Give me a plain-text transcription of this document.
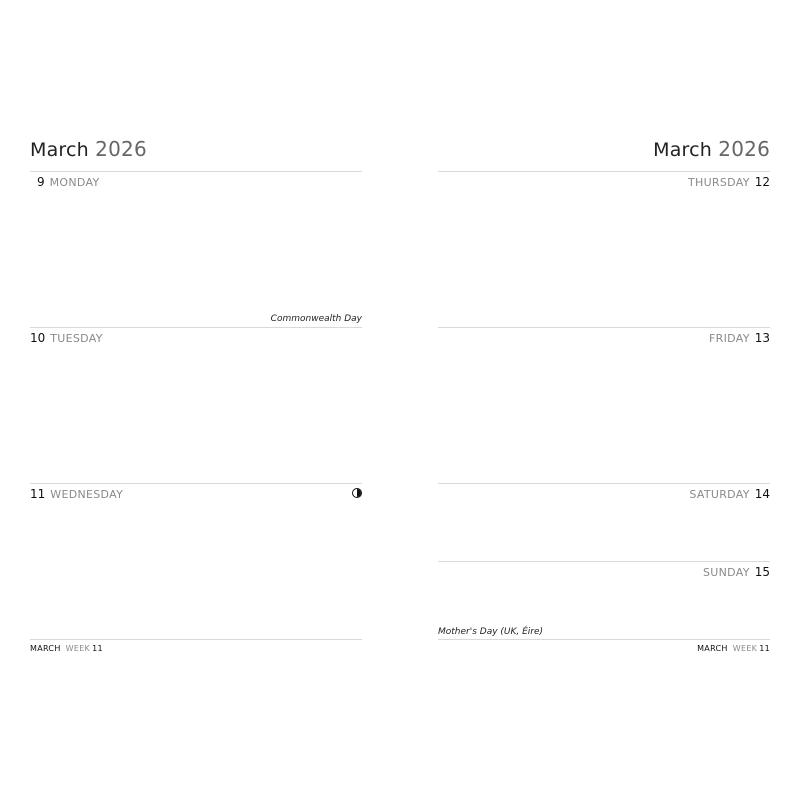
March 2026
9 MONDAY
Commonwealth Day
10 TUESDAY
11 WEDNESDAY
MARCH WEEK 11
March 2026
THURSDAY 12
FRIDAY 13
SATURDAY 14
SUNDAY 15
Mother's Day (UK, Éire)
MARCH WEEK 11
